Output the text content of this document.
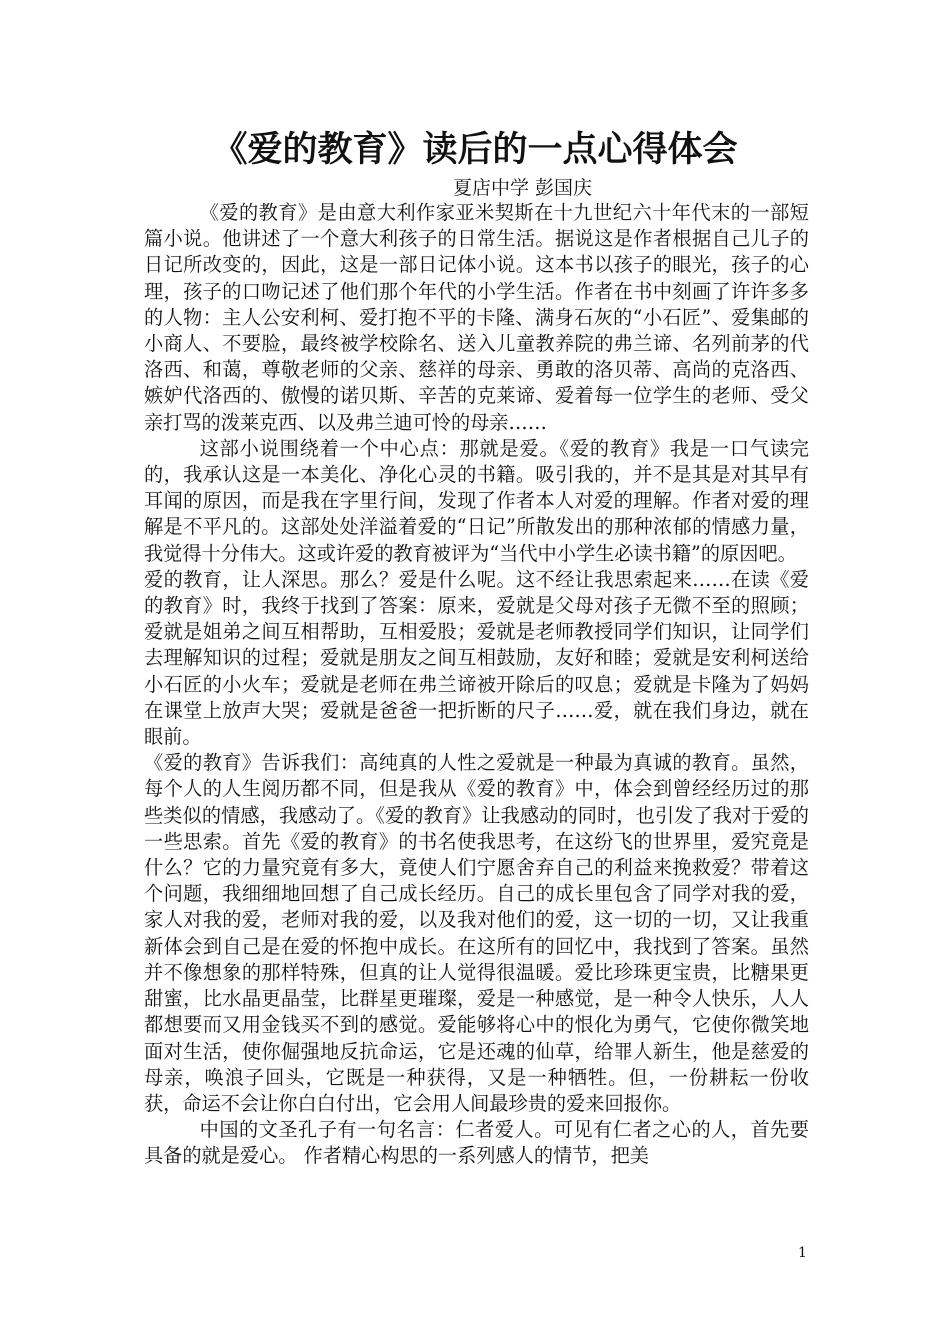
《爱的教育》读后的一点心得体会
夏店中学 彭国庆

《爱的教育》是由意大利作家亚米契斯在十九世纪六十年代末的一部短篇小说。他讲述了一个意大利孩子的日常生活。据说这是作者根据自己儿子的日记所改变的，因此，这是一部日记体小说。这本书以孩子的眼光，孩子的心理，孩子的口吻记述了他们那个年代的小学生活。作者在书中刻画了许许多多的人物：主人公安利柯、爱打抱不平的卡隆、满身石灰的“小石匠”、爱集邮的小商人、不要脸，最终被学校除名、送入儿童教养院的弗兰谛、名列前茅的代洛西、和蔼，尊敬老师的父亲、慈祥的母亲、勇敢的洛贝蒂、高尚的克洛西、嫉妒代洛西的、傲慢的诺贝斯、辛苦的克莱谛、爱着每一位学生的老师、受父亲打骂的泼莱克西、以及弗兰迪可怜的母亲……

这部小说围绕着一个中心点：那就是爱。《爱的教育》我是一口气读完的，我承认这是一本美化、净化心灵的书籍。吸引我的，并不是其是对其早有耳闻的原因，而是我在字里行间，发现了作者本人对爱的理解。作者对爱的理解是不平凡的。这部处处洋溢着爱的“日记”所散发出的那种浓郁的情感力量，我觉得十分伟大。这或许爱的教育被评为“当代中小学生必读书籍”的原因吧。

爱的教育，让人深思。那么？爱是什么呢。这不经让我思索起来……在读《爱的教育》时，我终于找到了答案：原来，爱就是父母对孩子无微不至的照顾；爱就是姐弟之间互相帮助，互相爱股；爱就是老师教授同学们知识，让同学们去理解知识的过程；爱就是朋友之间互相鼓励，友好和睦；爱就是安利柯送给小石匠的小火车；爱就是老师在弗兰谛被开除后的叹息；爱就是卡隆为了妈妈在课堂上放声大哭；爱就是爸爸一把折断的尺子……爱，就在我们身边，就在眼前。

《爱的教育》告诉我们：高纯真的人性之爱就是一种最为真诚的教育。虽然，每个人的人生阅历都不同，但是我从《爱的教育》中，体会到曾经经历过的那些类似的情感，我感动了。《爱的教育》让我感动的同时，也引发了我对于爱的一些思索。首先《爱的教育》的书名使我思考，在这纷飞的世界里，爱究竟是什么？它的力量究竟有多大，竟使人们宁愿舍弃自己的利益来挽救爱？带着这个问题，我细细地回想了自己成长经历。自己的成长里包含了同学对我的爱，家人对我的爱，老师对我的爱，以及我对他们的爱，这一切的一切，又让我重新体会到自己是在爱的怀抱中成长。在这所有的回忆中，我找到了答案。虽然并不像想象的那样特殊，但真的让人觉得很温暖。爱比珍珠更宝贵，比糖果更甜蜜，比水晶更晶莹，比群星更璀璨，爱是一种感觉，是一种令人快乐，人人都想要而又用金钱买不到的感觉。爱能够将心中的恨化为勇气，它使你微笑地面对生活，使你倔强地反抗命运，它是还魂的仙草，给罪人新生，他是慈爱的母亲，唤浪子回头，它既是一种获得，又是一种牺牲。但，一份耕耘一份收获，命运不会让你白白付出，它会用人间最珍贵的爱来回报你。

中国的文圣孔子有一句名言：仁者爱人。可见有仁者之心的人，首先要具备的就是爱心。 作者精心构思的一系列感人的情节，把美

1
